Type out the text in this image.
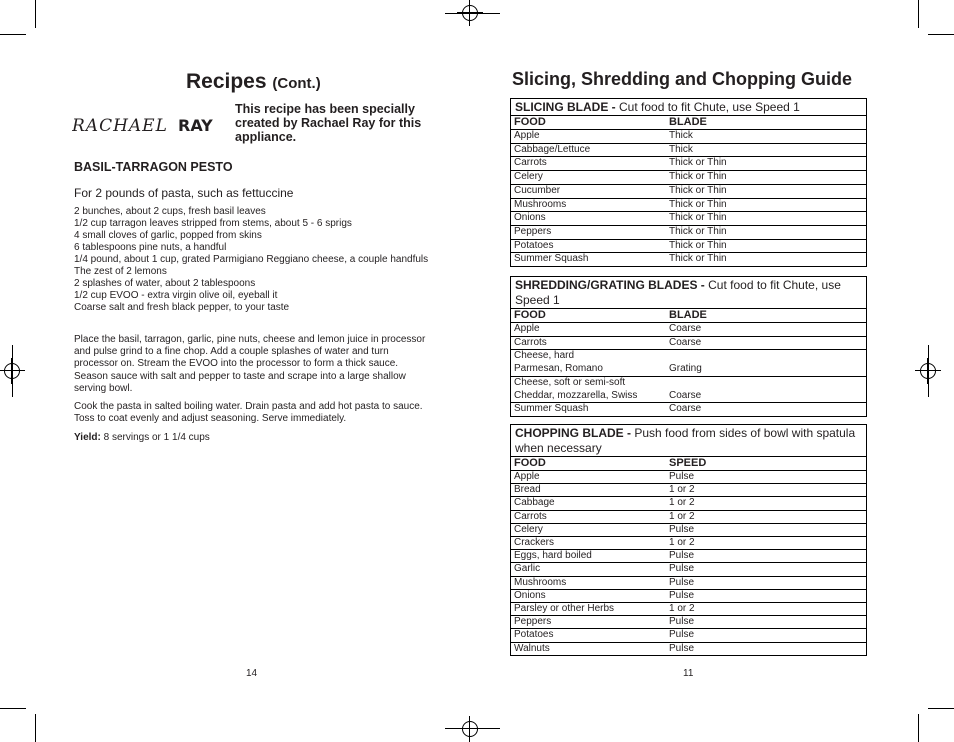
Recipes (Cont.)
RACHAEL RAY
This recipe has been specially created by Rachael Ray for this appliance.
BASIL-TARRAGON PESTO
For 2 pounds of pasta, such as fettuccine
2 bunches, about 2 cups, fresh basil leaves
1/2 cup tarragon leaves stripped from stems, about 5 - 6 sprigs
4 small cloves of garlic, popped from skins
6 tablespoons pine nuts, a handful
1/4 pound, about 1 cup, grated Parmigiano Reggiano cheese, a couple handfuls
The zest of 2 lemons
2 splashes of water, about 2 tablespoons
1/2 cup EVOO - extra virgin olive oil, eyeball it
Coarse salt and fresh black pepper, to your taste

Place the basil, tarragon, garlic, pine nuts, cheese and lemon juice in processor and pulse grind to a fine chop. Add a couple splashes of water and turn processor on. Stream the EVOO into the processor to form a thick sauce. Season sauce with salt and pepper to taste and scrape into a large shallow serving bowl.

Cook the pasta in salted boiling water. Drain pasta and add hot pasta to sauce. Toss to coat evenly and adjust seasoning. Serve immediately.

Yield: 8 servings or 1 1/4 cups
14
Slicing, Shredding and Chopping Guide
SLICING BLADE - Cut food to fit Chute, use Speed 1
FOOD	BLADE
Apple	Thick
Cabbage/Lettuce	Thick
Carrots	Thick or Thin
Celery	Thick or Thin
Cucumber	Thick or Thin
Mushrooms	Thick or Thin
Onions	Thick or Thin
Peppers	Thick or Thin
Potatoes	Thick or Thin
Summer Squash	Thick or Thin
SHREDDING/GRATING BLADES - Cut food to fit Chute, use Speed 1
FOOD	BLADE
Apple	Coarse
Carrots	Coarse
Cheese, hard
Parmesan, Romano	Grating
Cheese, soft or semi-soft
Cheddar, mozzarella, Swiss	Coarse
Summer Squash	Coarse
CHOPPING BLADE - Push food from sides of bowl with spatula when necessary
FOOD	SPEED
Apple	Pulse
Bread	1 or 2
Cabbage	1 or 2
Carrots	1 or 2
Celery	Pulse
Crackers	1 or 2
Eggs, hard boiled	Pulse
Garlic	Pulse
Mushrooms	Pulse
Onions	Pulse
Parsley or other Herbs	1 or 2
Peppers	Pulse
Potatoes	Pulse
Walnuts	Pulse
11
